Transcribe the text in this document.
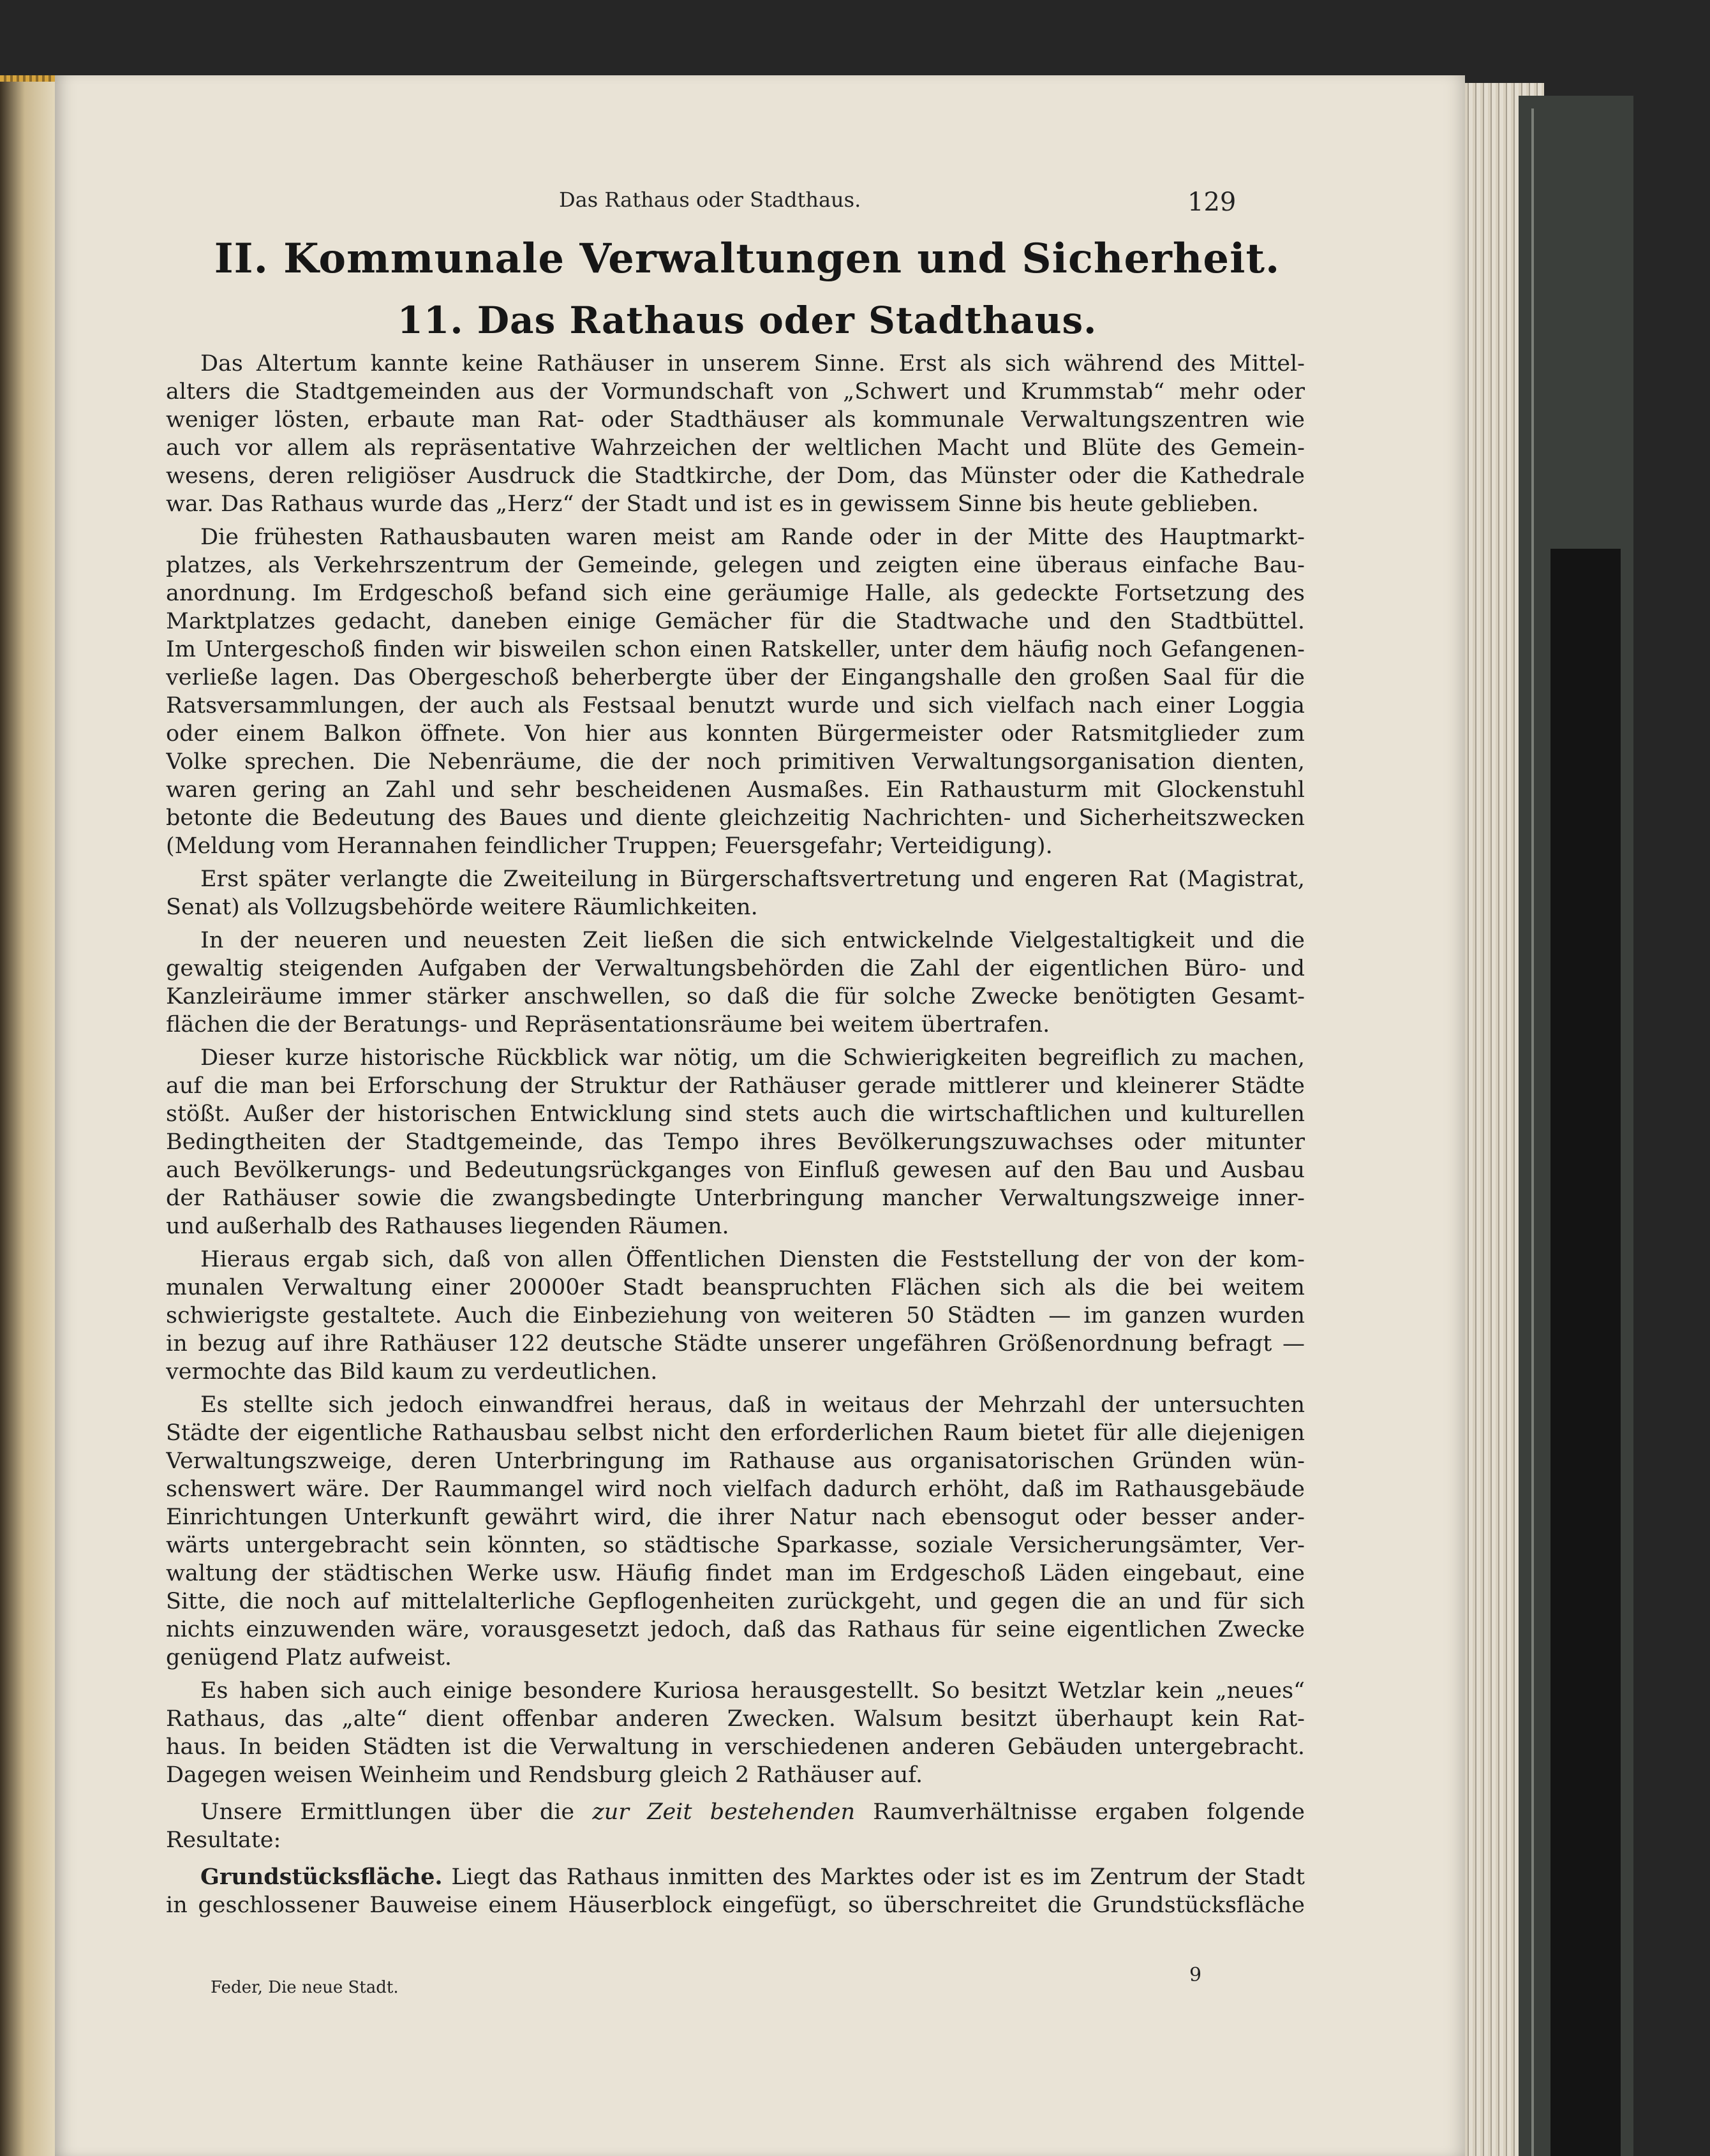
Das Rathaus oder Stadthaus.	129
II. Kommunale Verwaltungen und Sicherheit.
11. Das Rathaus oder Stadthaus.
Das Altertum kannte keine Rathäuser in unserem Sinne. Erst als sich während des Mittel-
alters die Stadtgemeinden aus der Vormundschaft von „Schwert und Krummstab“ mehr oder
weniger lösten, erbaute man Rat- oder Stadthäuser als kommunale Verwaltungszentren wie
auch vor allem als repräsentative Wahrzeichen der weltlichen Macht und Blüte des Gemein-
wesens, deren religiöser Ausdruck die Stadtkirche, der Dom, das Münster oder die Kathedrale
war. Das Rathaus wurde das „Herz“ der Stadt und ist es in gewissem Sinne bis heute geblieben.
Die frühesten Rathausbauten waren meist am Rande oder in der Mitte des Hauptmarkt-
platzes, als Verkehrszentrum der Gemeinde, gelegen und zeigten eine überaus einfache Bau-
anordnung. Im Erdgeschoß befand sich eine geräumige Halle, als gedeckte Fortsetzung des
Marktplatzes gedacht, daneben einige Gemächer für die Stadtwache und den Stadtbüttel.
Im Untergeschoß finden wir bisweilen schon einen Ratskeller, unter dem häufig noch Gefangenen-
verließe lagen. Das Obergeschoß beherbergte über der Eingangshalle den großen Saal für die
Ratsversammlungen, der auch als Festsaal benutzt wurde und sich vielfach nach einer Loggia
oder einem Balkon öffnete. Von hier aus konnten Bürgermeister oder Ratsmitglieder zum
Volke sprechen. Die Nebenräume, die der noch primitiven Verwaltungsorganisation dienten,
waren gering an Zahl und sehr bescheidenen Ausmaßes. Ein Rathausturm mit Glockenstuhl
betonte die Bedeutung des Baues und diente gleichzeitig Nachrichten- und Sicherheitszwecken
(Meldung vom Herannahen feindlicher Truppen; Feuersgefahr; Verteidigung).
Erst später verlangte die Zweiteilung in Bürgerschaftsvertretung und engeren Rat (Magistrat,
Senat) als Vollzugsbehörde weitere Räumlichkeiten.
In der neueren und neuesten Zeit ließen die sich entwickelnde Vielgestaltigkeit und die
gewaltig steigenden Aufgaben der Verwaltungsbehörden die Zahl der eigentlichen Büro- und
Kanzleiräume immer stärker anschwellen, so daß die für solche Zwecke benötigten Gesamt-
flächen die der Beratungs- und Repräsentationsräume bei weitem übertrafen.
Dieser kurze historische Rückblick war nötig, um die Schwierigkeiten begreiflich zu machen,
auf die man bei Erforschung der Struktur der Rathäuser gerade mittlerer und kleinerer Städte
stößt. Außer der historischen Entwicklung sind stets auch die wirtschaftlichen und kulturellen
Bedingtheiten der Stadtgemeinde, das Tempo ihres Bevölkerungszuwachses oder mitunter
auch Bevölkerungs- und Bedeutungsrückganges von Einfluß gewesen auf den Bau und Ausbau
der Rathäuser sowie die zwangsbedingte Unterbringung mancher Verwaltungszweige inner-
und außerhalb des Rathauses liegenden Räumen.
Hieraus ergab sich, daß von allen Öffentlichen Diensten die Feststellung der von der kom-
munalen Verwaltung einer 20000er Stadt beanspruchten Flächen sich als die bei weitem
schwierigste gestaltete. Auch die Einbeziehung von weiteren 50 Städten — im ganzen wurden
in bezug auf ihre Rathäuser 122 deutsche Städte unserer ungefähren Größenordnung befragt —
vermochte das Bild kaum zu verdeutlichen.
Es stellte sich jedoch einwandfrei heraus, daß in weitaus der Mehrzahl der untersuchten
Städte der eigentliche Rathausbau selbst nicht den erforderlichen Raum bietet für alle diejenigen
Verwaltungszweige, deren Unterbringung im Rathause aus organisatorischen Gründen wün-
schenswert wäre. Der Raummangel wird noch vielfach dadurch erhöht, daß im Rathausgebäude
Einrichtungen Unterkunft gewährt wird, die ihrer Natur nach ebensogut oder besser ander-
wärts untergebracht sein könnten, so städtische Sparkasse, soziale Versicherungsämter, Ver-
waltung der städtischen Werke usw. Häufig findet man im Erdgeschoß Läden eingebaut, eine
Sitte, die noch auf mittelalterliche Gepflogenheiten zurückgeht, und gegen die an und für sich
nichts einzuwenden wäre, vorausgesetzt jedoch, daß das Rathaus für seine eigentlichen Zwecke
genügend Platz aufweist.
Es haben sich auch einige besondere Kuriosa herausgestellt. So besitzt Wetzlar kein „neues“
Rathaus, das „alte“ dient offenbar anderen Zwecken. Walsum besitzt überhaupt kein Rat-
haus. In beiden Städten ist die Verwaltung in verschiedenen anderen Gebäuden untergebracht.
Dagegen weisen Weinheim und Rendsburg gleich 2 Rathäuser auf.
Unsere Ermittlungen über die zur Zeit bestehenden Raumverhältnisse ergaben folgende
Resultate:
Grundstücksfläche. Liegt das Rathaus inmitten des Marktes oder ist es im Zentrum der Stadt
in geschlossener Bauweise einem Häuserblock eingefügt, so überschreitet die Grundstücksfläche
Feder, Die neue Stadt.
9
